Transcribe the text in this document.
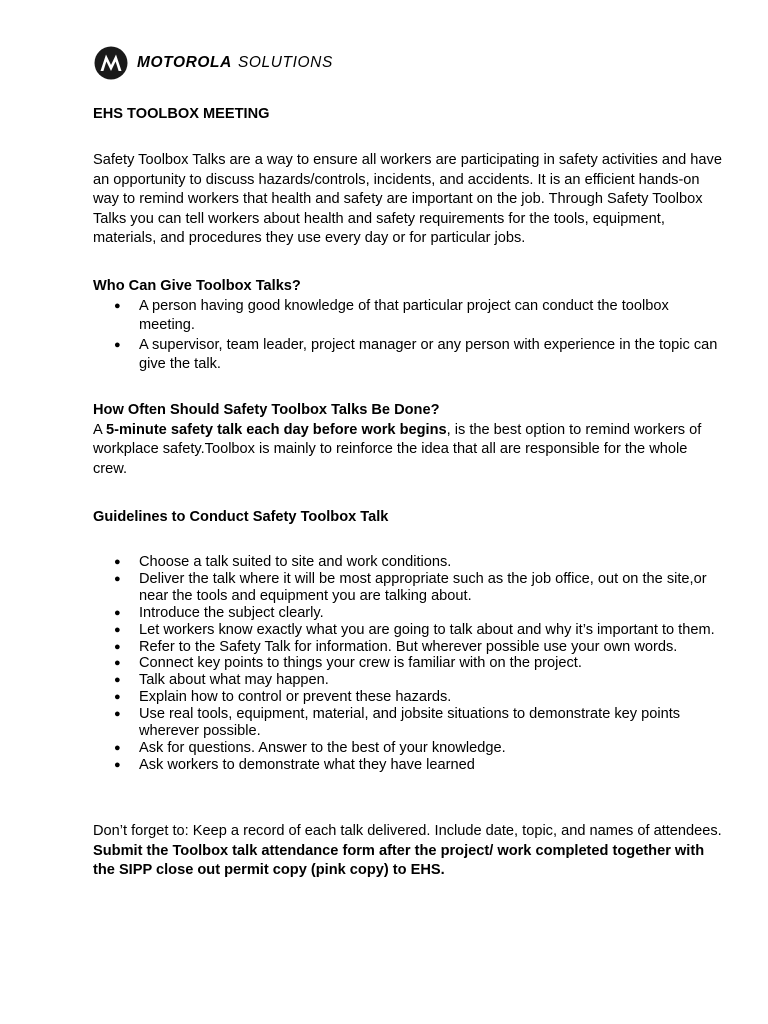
MOTOROLA SOLUTIONS
EHS TOOLBOX MEETING
Safety Toolbox Talks are a way to ensure all workers are participating in safety activities and have an opportunity to discuss hazards/controls, incidents, and accidents. It is an efficient hands-on way to remind workers that health and safety are important on the job. Through Safety Toolbox Talks you can tell workers about health and safety requirements for the tools, equipment, materials, and procedures they use every day or for particular jobs.
Who Can Give Toolbox Talks?
● A person having good knowledge of that particular project can conduct the toolbox meeting.
● A supervisor, team leader, project manager or any person with experience in the topic can give the talk.
How Often Should Safety Toolbox Talks Be Done?
A 5-minute safety talk each day before work begins, is the best option to remind workers of workplace safety.Toolbox is mainly to reinforce the idea that all are responsible for the whole crew.
Guidelines to Conduct Safety Toolbox Talk
● Choose a talk suited to site and work conditions.
● Deliver the talk where it will be most appropriate such as the job office, out on the site,or near the tools and equipment you are talking about.
● Introduce the subject clearly.
● Let workers know exactly what you are going to talk about and why it’s important to them.
● Refer to the Safety Talk for information. But wherever possible use your own words.
● Connect key points to things your crew is familiar with on the project.
● Talk about what may happen.
● Explain how to control or prevent these hazards.
● Use real tools, equipment, material, and jobsite situations to demonstrate key points wherever possible.
● Ask for questions. Answer to the best of your knowledge.
● Ask workers to demonstrate what they have learned
Don’t forget to: Keep a record of each talk delivered. Include date, topic, and names of attendees. Submit the Toolbox talk attendance form after the project/ work completed together with the SIPP close out permit copy (pink copy) to EHS.
